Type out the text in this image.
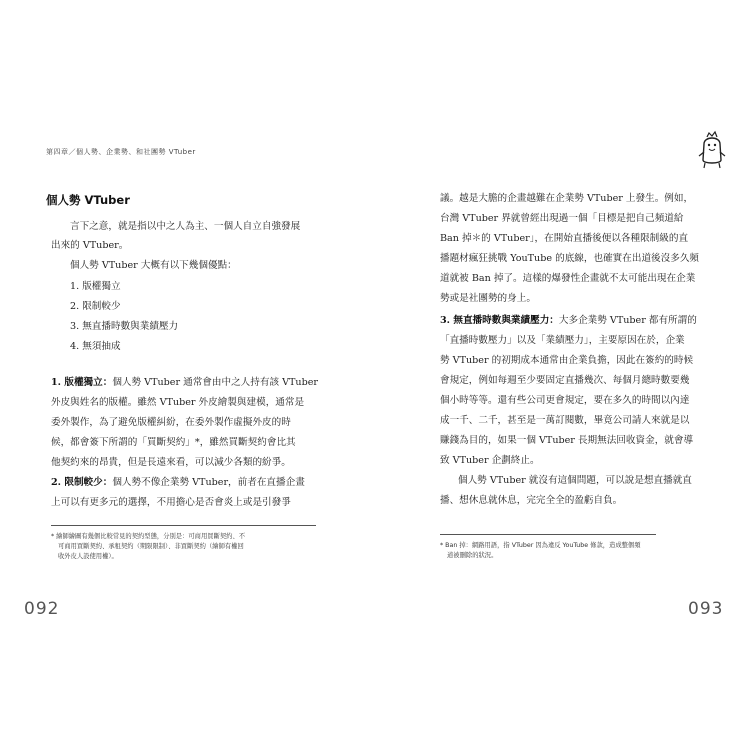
第四章／個人勢、企業勢、和社團勢 VTuber
個人勢 VTuber
言下之意，就是指以中之人為主、一個人自立自強發展
出來的 VTuber。
個人勢 VTuber 大概有以下幾個優點：
1. 版權獨立
2. 限制較少
3. 無直播時數與業績壓力
4. 無須抽成
1. 版權獨立：個人勢 VTuber 通常會由中之人持有該 VTuber
外皮與姓名的版權。雖然 VTuber 外皮繪製與建模，通常是
委外製作，為了避免版權糾紛，在委外製作虛擬外皮的時
候，都會簽下所謂的「買斷契約」*，雖然買斷契約會比其
他契約來的昂貴，但是長遠來看，可以減少各類的紛爭。
2. 限制較少：個人勢不像企業勢 VTuber，前者在直播企畫
上可以有更多元的選擇，不用擔心是否會炎上或是引發爭
* 繪師繪圖有幾個比較常見的契約型態，分別是：可商用買斷契約、不
可商用買斷契約、承租契約（期限限制）、非買斷契約（繪師有權回
收外皮人設使用權）。
092
議。越是大膽的企畫越難在企業勢 VTuber 上發生。例如，
台灣 VTuber 界就曾經出現過一個「目標是把自己頻道給
Ban 掉＊的 VTuber」，在開始直播後便以各種限制級的直
播題材瘋狂挑戰 YouTube 的底線，也確實在出道後沒多久頻
道就被 Ban 掉了。這樣的爆發性企畫就不太可能出現在企業
勢或是社團勢的身上。
3. 無直播時數與業績壓力：大多企業勢 VTuber 都有所謂的
「直播時數壓力」以及「業績壓力」，主要原因在於，企業
勢 VTuber 的初期成本通常由企業負擔，因此在簽約的時候
會規定，例如每週至少要固定直播幾次、每個月總時數要幾
個小時等等。還有些公司更會規定，要在多久的時間以內達
成一千、二千，甚至是一萬訂閱數，畢竟公司請人來就是以
賺錢為目的，如果一個 VTuber 長期無法回收資金，就會導
致 VTuber 企劃終止。
個人勢 VTuber 就沒有這個問題，可以說是想直播就直
播、想休息就休息，完完全全的盈虧自負。
* Ban 掉：網路用語，指 VTuber 因為違反 YouTube 條款，造成整個頻
道被刪除的狀況。
093
